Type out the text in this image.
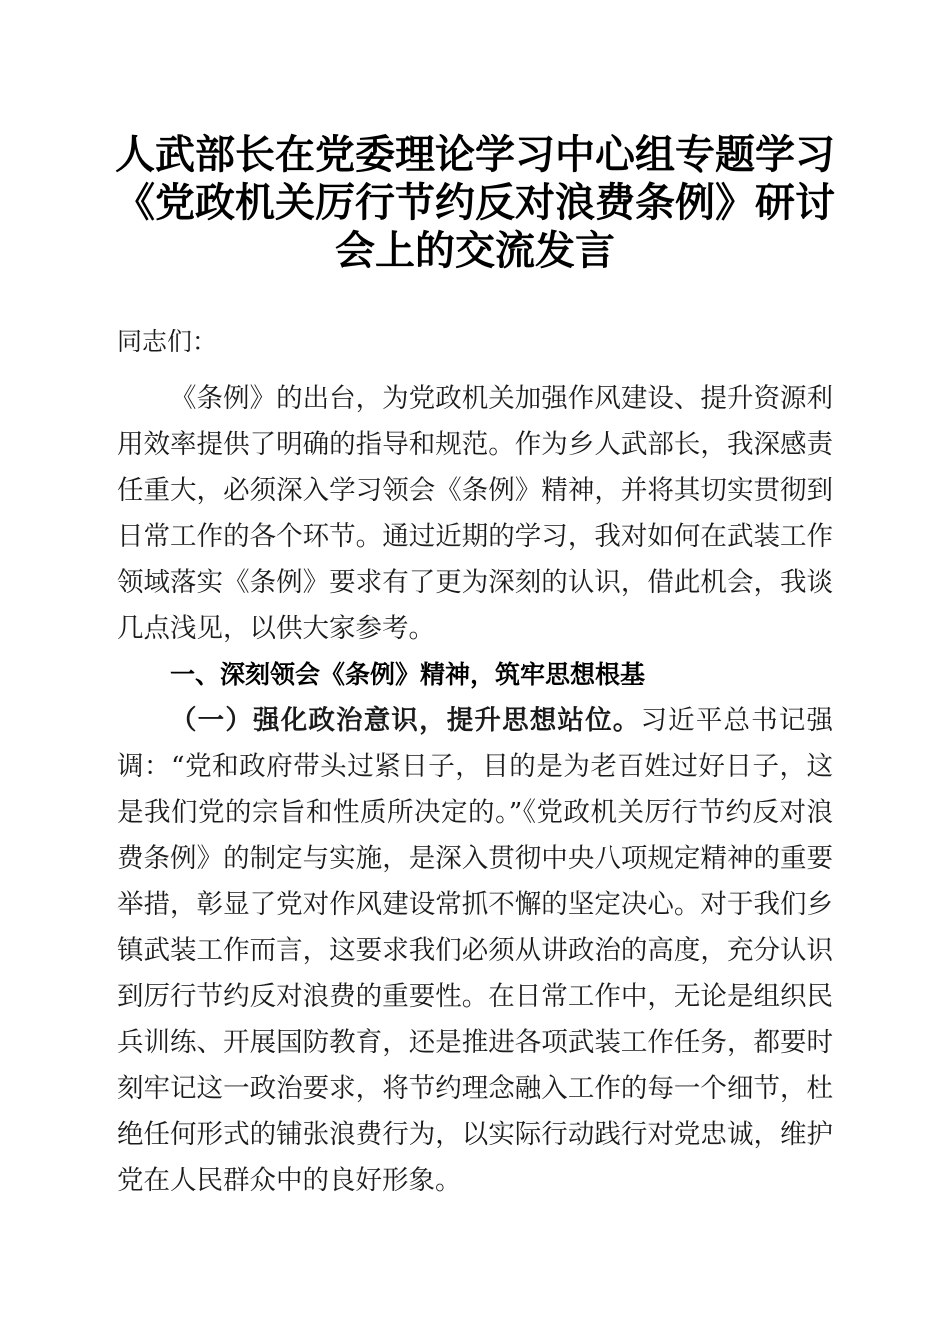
人武部长在党委理论学习中心组专题学习《党政机关厉行节约反对浪费条例》研讨会上的交流发言

同志们：

《条例》的出台，为党政机关加强作风建设、提升资源利用效率提供了明确的指导和规范。作为乡人武部长，我深感责任重大，必须深入学习领会《条例》精神，并将其切实贯彻到日常工作的各个环节。通过近期的学习，我对如何在武装工作领域落实《条例》要求有了更为深刻的认识，借此机会，我谈几点浅见，以供大家参考。

一、深刻领会《条例》精神，筑牢思想根基

（一）强化政治意识，提升思想站位。习近平总书记强调：“党和政府带头过紧日子，目的是为老百姓过好日子，这是我们党的宗旨和性质所决定的。”《党政机关厉行节约反对浪费条例》的制定与实施，是深入贯彻中央八项规定精神的重要举措，彰显了党对作风建设常抓不懈的坚定决心。对于我们乡镇武装工作而言，这要求我们必须从讲政治的高度，充分认识到厉行节约反对浪费的重要性。在日常工作中，无论是组织民兵训练、开展国防教育，还是推进各项武装工作任务，都要时刻牢记这一政治要求，将节约理念融入工作的每一个细节，杜绝任何形式的铺张浪费行为，以实际行动践行对党忠诚，维护党在人民群众中的良好形象。
